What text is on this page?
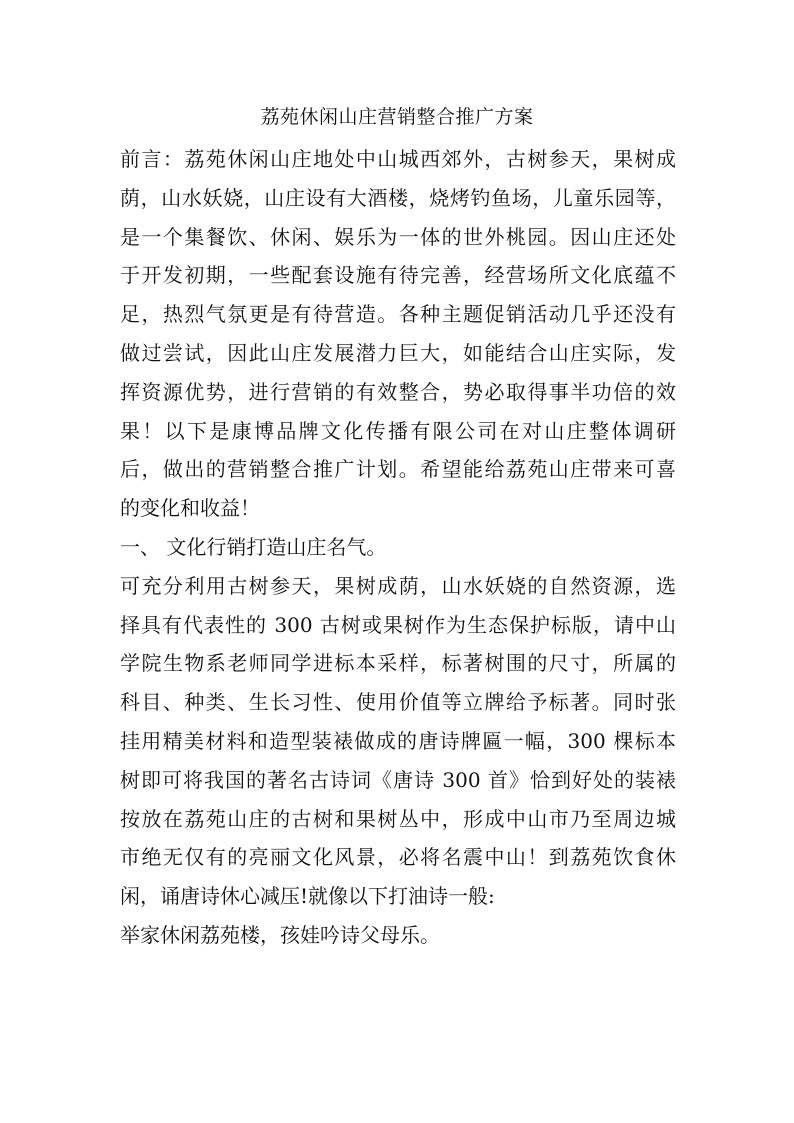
荔苑休闲山庄营销整合推广方案
前言：荔苑休闲山庄地处中山城西郊外，古树参天，果树成
荫，山水妖娆，山庄设有大酒楼，烧烤钓鱼场，儿童乐园等，
是一个集餐饮、休闲、娱乐为一体的世外桃园。因山庄还处
于开发初期，一些配套设施有待完善，经营场所文化底蕴不
足，热烈气氛更是有待营造。各种主题促销活动几乎还没有
做过尝试，因此山庄发展潜力巨大，如能结合山庄实际，发
挥资源优势，进行营销的有效整合，势必取得事半功倍的效
果！以下是康博品牌文化传播有限公司在对山庄整体调研
后，做出的营销整合推广计划。希望能给荔苑山庄带来可喜
的变化和收益！
一、 文化行销打造山庄名气。
可充分利用古树参天，果树成荫，山水妖娆的自然资源，选
择具有代表性的 300 古树或果树作为生态保护标版，请中山
学院生物系老师同学进标本采样，标著树围的尺寸，所属的
科目、种类、生长习性、使用价值等立牌给予标著。同时张
挂用精美材料和造型装裱做成的唐诗牌匾一幅，300 棵标本
树即可将我国的著名古诗词《唐诗 300 首》恰到好处的装裱
按放在荔苑山庄的古树和果树丛中，形成中山市乃至周边城
市绝无仅有的亮丽文化风景，必将名震中山！到荔苑饮食休
闲，诵唐诗休心减压!就像以下打油诗一般:
举家休闲荔苑楼，孩娃吟诗父母乐。
